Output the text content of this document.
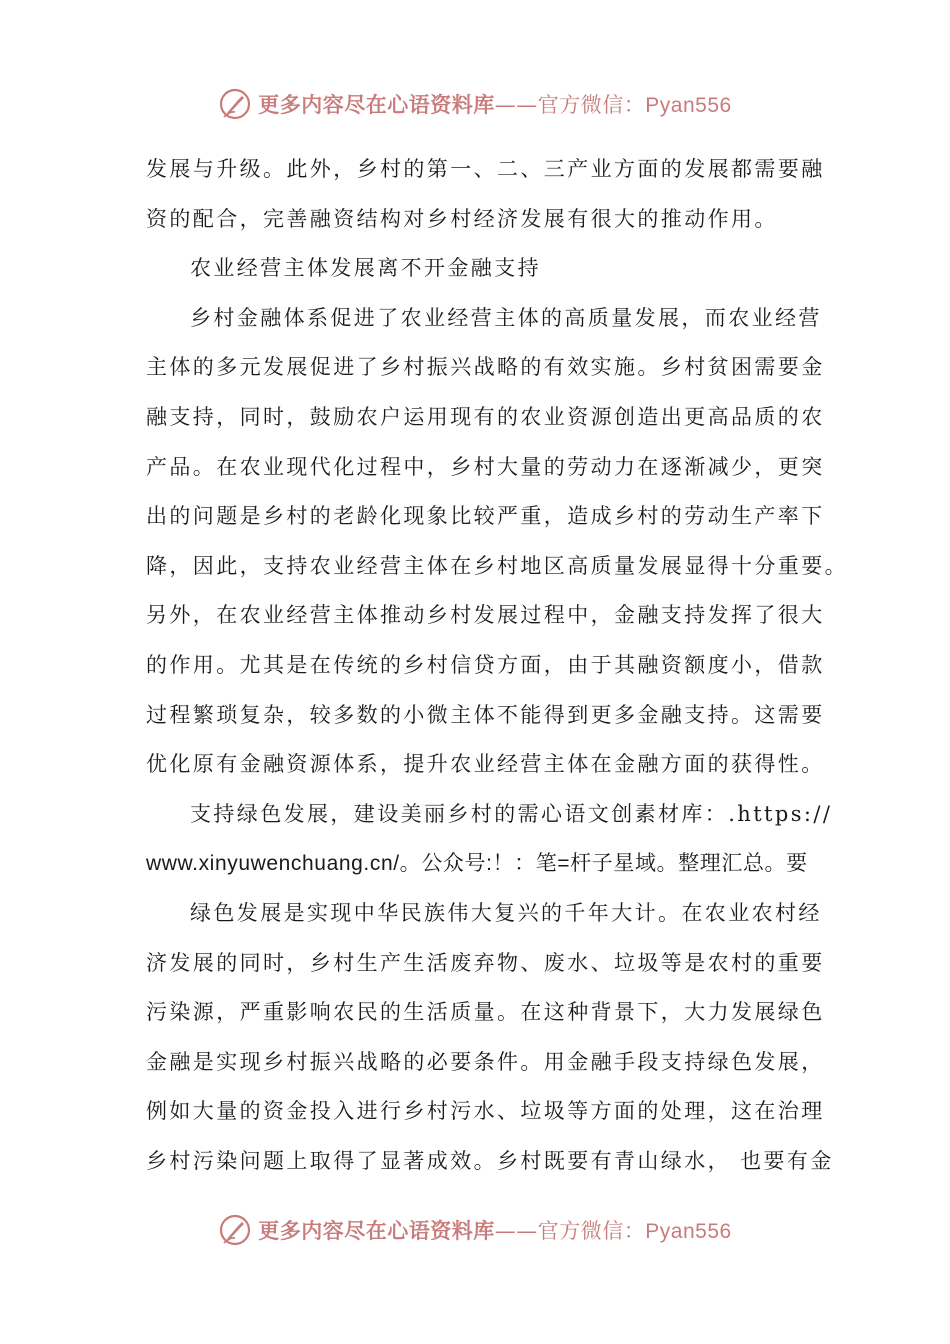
更多内容尽在心语资料库——官方微信：Pyan556
发展与升级。此外，乡村的第一、二、三产业方面的发展都需要融
资的配合，完善融资结构对乡村经济发展有很大的推动作用。
农业经营主体发展离不开金融支持
乡村金融体系促进了农业经营主体的高质量发展，而农业经营
主体的多元发展促进了乡村振兴战略的有效实施。乡村贫困需要金
融支持，同时，鼓励农户运用现有的农业资源创造出更高品质的农
产品。在农业现代化过程中，乡村大量的劳动力在逐渐减少，更突
出的问题是乡村的老龄化现象比较严重，造成乡村的劳动生产率下
降，因此，支持农业经营主体在乡村地区高质量发展显得十分重要。
另外，在农业经营主体推动乡村发展过程中，金融支持发挥了很大
的作用。尤其是在传统的乡村信贷方面，由于其融资额度小，借款
过程繁琐复杂，较多数的小微主体不能得到更多金融支持。这需要
优化原有金融资源体系，提升农业经营主体在金融方面的获得性。
支持绿色发展，建设美丽乡村的需心语文创素材库：.https://
www.xinyuwenchuang.cn/。公众号:！：笔=杆子星域。整理汇总。要
绿色发展是实现中华民族伟大复兴的千年大计。在农业农村经
济发展的同时，乡村生产生活废弃物、废水、垃圾等是农村的重要
污染源，严重影响农民的生活质量。在这种背景下，大力发展绿色
金融是实现乡村振兴战略的必要条件。用金融手段支持绿色发展，
例如大量的资金投入进行乡村污水、垃圾等方面的处理，这在治理
乡村污染问题上取得了显著成效。乡村既要有青山绿水， 也要有金
更多内容尽在心语资料库——官方微信：Pyan556
